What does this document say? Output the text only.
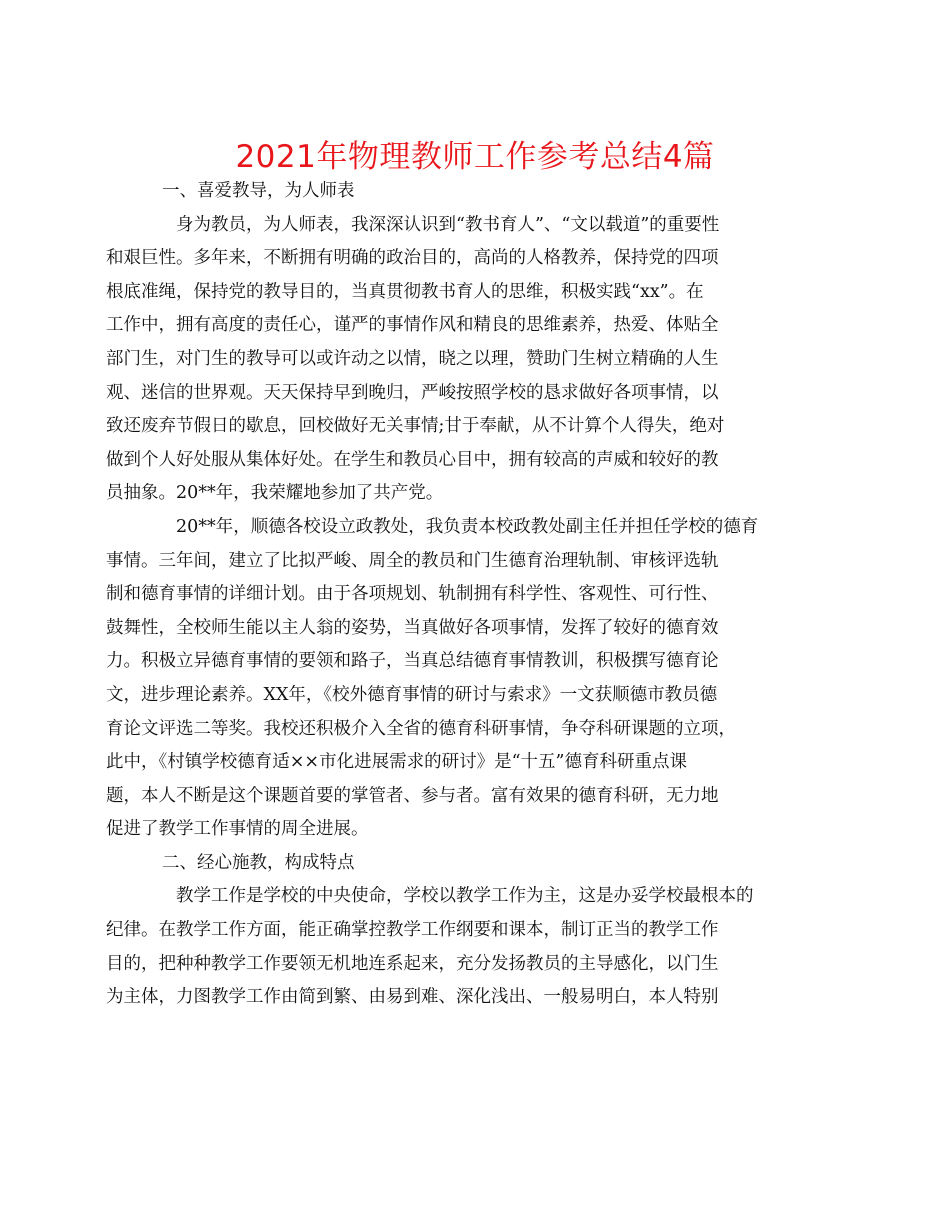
2021年物理教师工作参考总结4篇

一、喜爱教导，为人师表

身为教员，为人师表，我深深认识到“教书育人”、“文以载道”的重要性
和艰巨性。多年来，不断拥有明确的政治目的，高尚的人格教养，保持党的四项
根底准绳，保持党的教导目的，当真贯彻教书育人的思维，积极实践“xx”。在
工作中，拥有高度的责任心，谨严的事情作风和精良的思维素养，热爱、体贴全
部门生，对门生的教导可以或许动之以情，晓之以理，赞助门生树立精确的人生
观、迷信的世界观。天天保持早到晚归，严峻按照学校的恳求做好各项事情，以
致还废弃节假日的歇息，回校做好无关事情;甘于奉献，从不计算个人得失，绝对
做到个人好处服从集体好处。在学生和教员心目中，拥有较高的声威和较好的教
员抽象。20**年，我荣耀地参加了共产党。

20**年，顺德各校设立政教处，我负责本校政教处副主任并担任学校的德育
事情。三年间，建立了比拟严峻、周全的教员和门生德育治理轨制、审核评选轨
制和德育事情的详细计划。由于各项规划、轨制拥有科学性、客观性、可行性、
鼓舞性，全校师生能以主人翁的姿势，当真做好各项事情，发挥了较好的德育效
力。积极立异德育事情的要领和路子，当真总结德育事情教训，积极撰写德育论
文，进步理论素养。XX年，《校外德育事情的研讨与索求》一文获顺德市教员德
育论文评选二等奖。我校还积极介入全省的德育科研事情，争夺科研课题的立项，
此中，《村镇学校德育适××市化进展需求的研讨》是“十五”德育科研重点课
题，本人不断是这个课题首要的掌管者、参与者。富有效果的德育科研，无力地
促进了教学工作事情的周全进展。

二、经心施教，构成特点

教学工作是学校的中央使命，学校以教学工作为主，这是办妥学校最根本的
纪律。在教学工作方面，能正确掌控教学工作纲要和课本，制订正当的教学工作
目的，把种种教学工作要领无机地连系起来，充分发扬教员的主导感化，以门生
为主体，力图教学工作由简到繁、由易到难、深化浅出、一般易明白，本人特别
